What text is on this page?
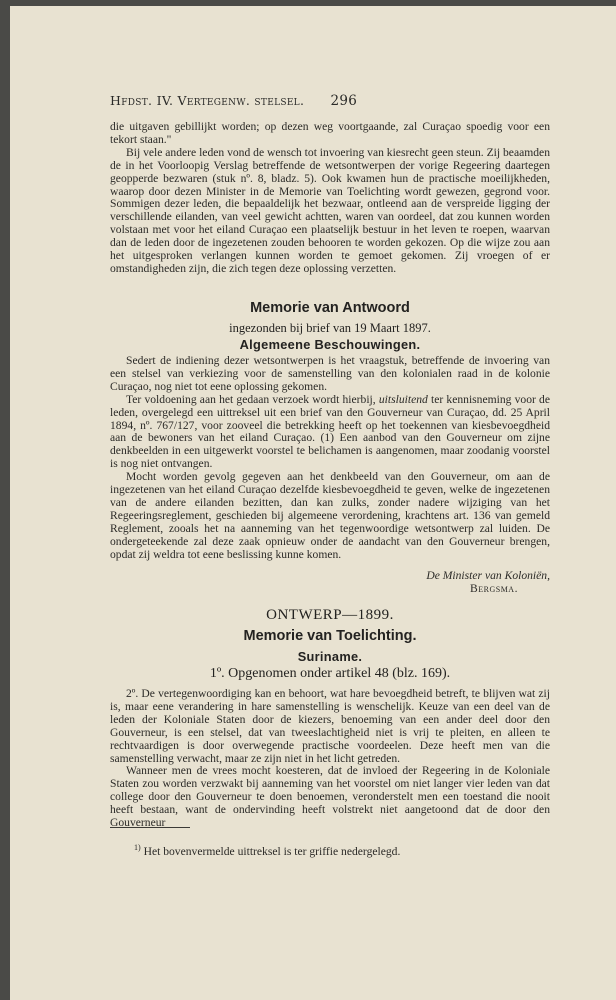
Hfdst. IV. Vertegenw. stelsel. 296

die uitgaven gebillijkt worden; op dezen weg voortgaande, zal Curaçao spoedig voor een tekort staan."

Bij vele andere leden vond de wensch tot invoering van kiesrecht geen steun. Zij beaamden de in het Voorloopig Verslag betreffende de wetsontwerpen der vorige Regeering daartegen geopperde bezwaren (stuk nº. 8, bladz. 5). Ook kwamen hun de practische moeilijkheden, waarop door dezen Minister in de Memorie van Toelichting wordt gewezen, gegrond voor. Sommigen dezer leden, die bepaaldelijk het bezwaar, ontleend aan de verspreide ligging der verschillende eilanden, van veel gewicht achtten, waren van oordeel, dat zou kunnen worden volstaan met voor het eiland Curaçao een plaatselijk bestuur in het leven te roepen, waarvan dan de leden door de ingezetenen zouden behooren te worden gekozen. Op die wijze zou aan het uitgesproken verlangen kunnen worden te gemoet gekomen. Zij vroegen of er omstandigheden zijn, die zich tegen deze oplossing verzetten.

Memorie van Antwoord
ingezonden bij brief van 19 Maart 1897.
Algemeene Beschouwingen.

Sedert de indiening dezer wetsontwerpen is het vraagstuk, betreffende de invoering van een stelsel van verkiezing voor de samenstelling van den kolonialen raad in de kolonie Curaçao, nog niet tot eene oplossing gekomen.

Ter voldoening aan het gedaan verzoek wordt hierbij, uitsluitend ter kennisneming voor de leden, overgelegd een uittreksel uit een brief van den Gouverneur van Curaçao, dd. 25 April 1894, nº. 767/127, voor zooveel die betrekking heeft op het toekennen van kiesbevoegdheid aan de bewoners van het eiland Curaçao. (1) Een aanbod van den Gouverneur om zijne denkbeelden in een uitgewerkt voorstel te belichamen is aangenomen, maar zoodanig voorstel is nog niet ontvangen.

Mocht worden gevolg gegeven aan het denkbeeld van den Gouverneur, om aan de ingezetenen van het eiland Curaçao dezelfde kiesbevoegdheid te geven, welke de ingezetenen van de andere eilanden bezitten, dan kan zulks, zonder nadere wijziging van het Regeeringsreglement, geschieden bij algemeene verordening, krachtens art. 136 van gemeld Reglement, zooals het na aanneming van het tegenwoordige wetsontwerp zal luiden. De ondergeteekende zal deze zaak opnieuw onder de aandacht van den Gouverneur brengen, opdat zij weldra tot eene beslissing kunne komen.

De Minister van Koloniën,
Bergsma.
ONTWERP—1899.
Memorie van Toelichting.
Suriname.
1º. Opgenomen onder artikel 48 (blz. 169).

2º. De vertegenwoordiging kan en behoort, wat hare bevoegdheid betreft, te blijven wat zij is, maar eene verandering in hare samenstelling is wenschelijk. Keuze van een deel van de leden der Koloniale Staten door de kiezers, benoeming van een ander deel door den Gouverneur, is een stelsel, dat van tweeslachtigheid niet is vrij te pleiten, en alleen te rechtvaardigen is door overwegende practische voordeelen. Deze heeft men van die samenstelling verwacht, maar ze zijn niet in het licht getreden.

Wanneer men de vrees mocht koesteren, dat de invloed der Regeering in de Koloniale Staten zou worden verzwakt bij aanneming van het voorstel om niet langer vier leden van dat college door den Gouverneur te doen benoemen, veronderstelt men een toestand die nooit heeft bestaan, want de ondervinding heeft volstrekt niet aangetoond dat de door den Gouverneur

$^{1)}$ Het bovenvermelde uittreksel is ter griffie nedergelegd.
